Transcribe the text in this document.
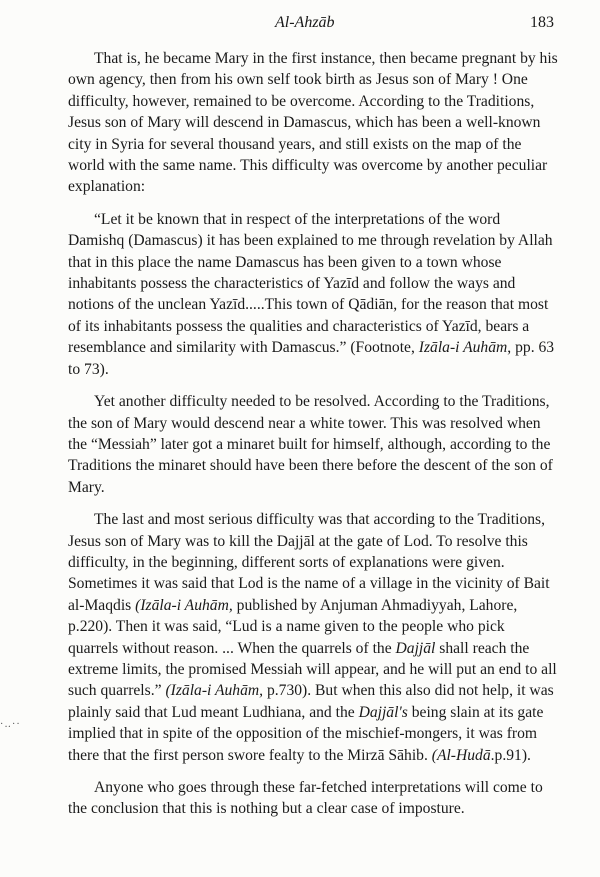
Al-Ahzāb	183
·‥··

That is, he became Mary in the first instance, then became pregnant by his own agency, then from his own self took birth as Jesus son of Mary ! One difficulty, however, remained to be overcome. According to the Traditions, Jesus son of Mary will descend in Damascus, which has been a well-known city in Syria for several thousand years, and still exists on the map of the world with the same name. This difficulty was overcome by another peculiar explanation:

“Let it be known that in respect of the interpretations of the word Damishq (Damascus) it has been explained to me through revelation by Allah that in this place the name Damascus has been given to a town whose inhabitants possess the characteristics of Yazīd and follow the ways and notions of the unclean Yazīd.....This town of Qādiān, for the reason that most of its inhabitants possess the qualities and characteristics of Yazīd, bears a resemblance and similarity with Damascus.” (Footnote, Izāla-i Auhām, pp. 63 to 73).

Yet another difficulty needed to be resolved. According to the Traditions, the son of Mary would descend near a white tower. This was resolved when the “Messiah” later got a minaret built for himself, although, according to the Traditions the minaret should have been there before the descent of the son of Mary.

The last and most serious difficulty was that according to the Traditions, Jesus son of Mary was to kill the Dajjāl at the gate of Lod. To resolve this difficulty, in the beginning, different sorts of explanations were given. Sometimes it was said that Lod is the name of a village in the vicinity of Bait al-Maqdis (Izāla-i Auhām, published by Anjuman Ahmadiyyah, Lahore, p.220). Then it was said, “Lud is a name given to the people who pick quarrels without reason. ... When the quarrels of the Dajjāl shall reach the extreme limits, the promised Messiah will appear, and he will put an end to all such quarrels.” (Izāla-i Auhām, p.730). But when this also did not help, it was plainly said that Lud meant Ludhiana, and the Dajjāl's being slain at its gate implied that in spite of the opposition of the mischief-mongers, it was from there that the first person swore fealty to the Mirzā Sāhib. (Al-Hudā.p.91).

Anyone who goes through these far-fetched interpretations will come to the conclusion that this is nothing but a clear case of imposture.
